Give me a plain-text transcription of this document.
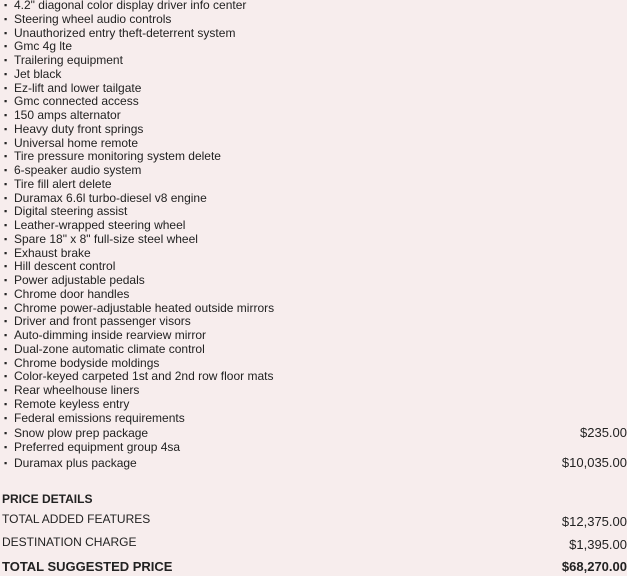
▪ 4.2" diagonal color display driver info center
▪ Steering wheel audio controls
▪ Unauthorized entry theft-deterrent system
▪ Gmc 4g lte
▪ Trailering equipment
▪ Jet black
▪ Ez-lift and lower tailgate
▪ Gmc connected access
▪ 150 amps alternator
▪ Heavy duty front springs
▪ Universal home remote
▪ Tire pressure monitoring system delete
▪ 6-speaker audio system
▪ Tire fill alert delete
▪ Duramax 6.6l turbo-diesel v8 engine
▪ Digital steering assist
▪ Leather-wrapped steering wheel
▪ Spare 18" x 8" full-size steel wheel
▪ Exhaust brake
▪ Hill descent control
▪ Power adjustable pedals
▪ Chrome door handles
▪ Chrome power-adjustable heated outside mirrors
▪ Driver and front passenger visors
▪ Auto-dimming inside rearview mirror
▪ Dual-zone automatic climate control
▪ Chrome bodyside moldings
▪ Color-keyed carpeted 1st and 2nd row floor mats
▪ Rear wheelhouse liners
▪ Remote keyless entry
▪ Federal emissions requirements
▪ Snow plow prep package	$235.00
▪ Preferred equipment group 4sa
▪ Duramax plus package	$10,035.00
PRICE DETAILS
TOTAL ADDED FEATURES	$12,375.00
DESTINATION CHARGE	$1,395.00
TOTAL SUGGESTED PRICE	$68,270.00
